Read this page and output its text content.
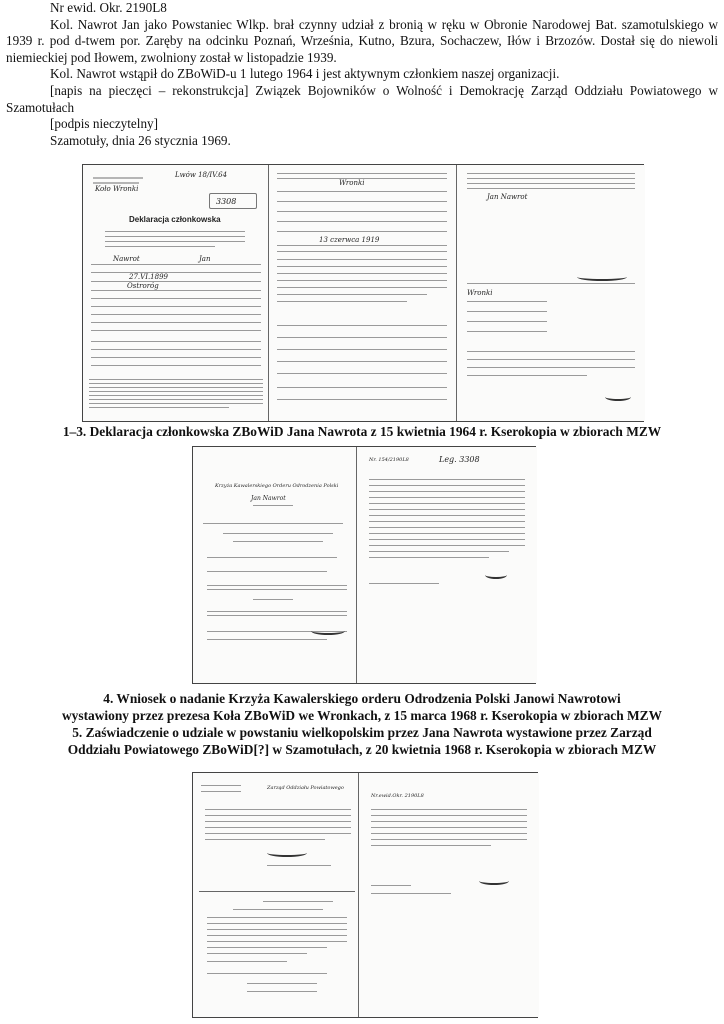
Nr ewid. Okr. 2190L8

Kol. Nawrot Jan jako Powstaniec Wlkp. brał czynny udział z bronią w ręku w Obronie Narodowej Bat. szamotulskiego w 1939 r. pod d-twem por. Zaręby na odcinku Poznań, Września, Kutno, Bzura, Sochaczew, Iłów i Brzozów. Dostał się do niewoli niemieckiej pod Iłowem, zwolniony został w listopadzie 1939.

Kol. Nawrot wstąpił do ZBoWiD-u 1 lutego 1964 i jest aktywnym członkiem naszej organizacji.

[napis na pieczęci – rekonstrukcja] Związek Bojowników o Wolność i Demokrację Zarząd Oddziału Powiatowego w Szamotułach

[podpis nieczytelny]

Szamotuły, dnia 26 stycznia 1969.

Lwów 18/IV.64
Koło Wronki
3308
Deklaracja członkowska
Nawrot	Jan
27.VI.1899
Ostroróg
Wronki
13 czerwca 1919
Jan Nawrot
Wronki
1–3. Deklaracja członkowska ZBoWiD Jana Nawrota z 15 kwietnia 1964 r. Kserokopia w zbiorach MZW
Krzyża Kawalerskiego Orderu Odrodzenia Polski
Jan Nawrot
Nr. 154/2190L8	Leg. 3308
4. Wniosek o nadanie Krzyża Kawalerskiego orderu Odrodzenia Polski Janowi Nawrotowi
wystawiony przez prezesa Koła ZBoWiD we Wronkach, z 15 marca 1968 r. Kserokopia w zbiorach MZW
5. Zaświadczenie o udziale w powstaniu wielkopolskim przez Jana Nawrota wystawione przez Zarząd
Oddziału Powiatowego ZBoWiD[?] w Szamotułach, z 20 kwietnia 1968 r. Kserokopia w zbiorach MZW
Zarząd Oddziału Powiatowego
Nr.ewid.Okr. 2190L8
